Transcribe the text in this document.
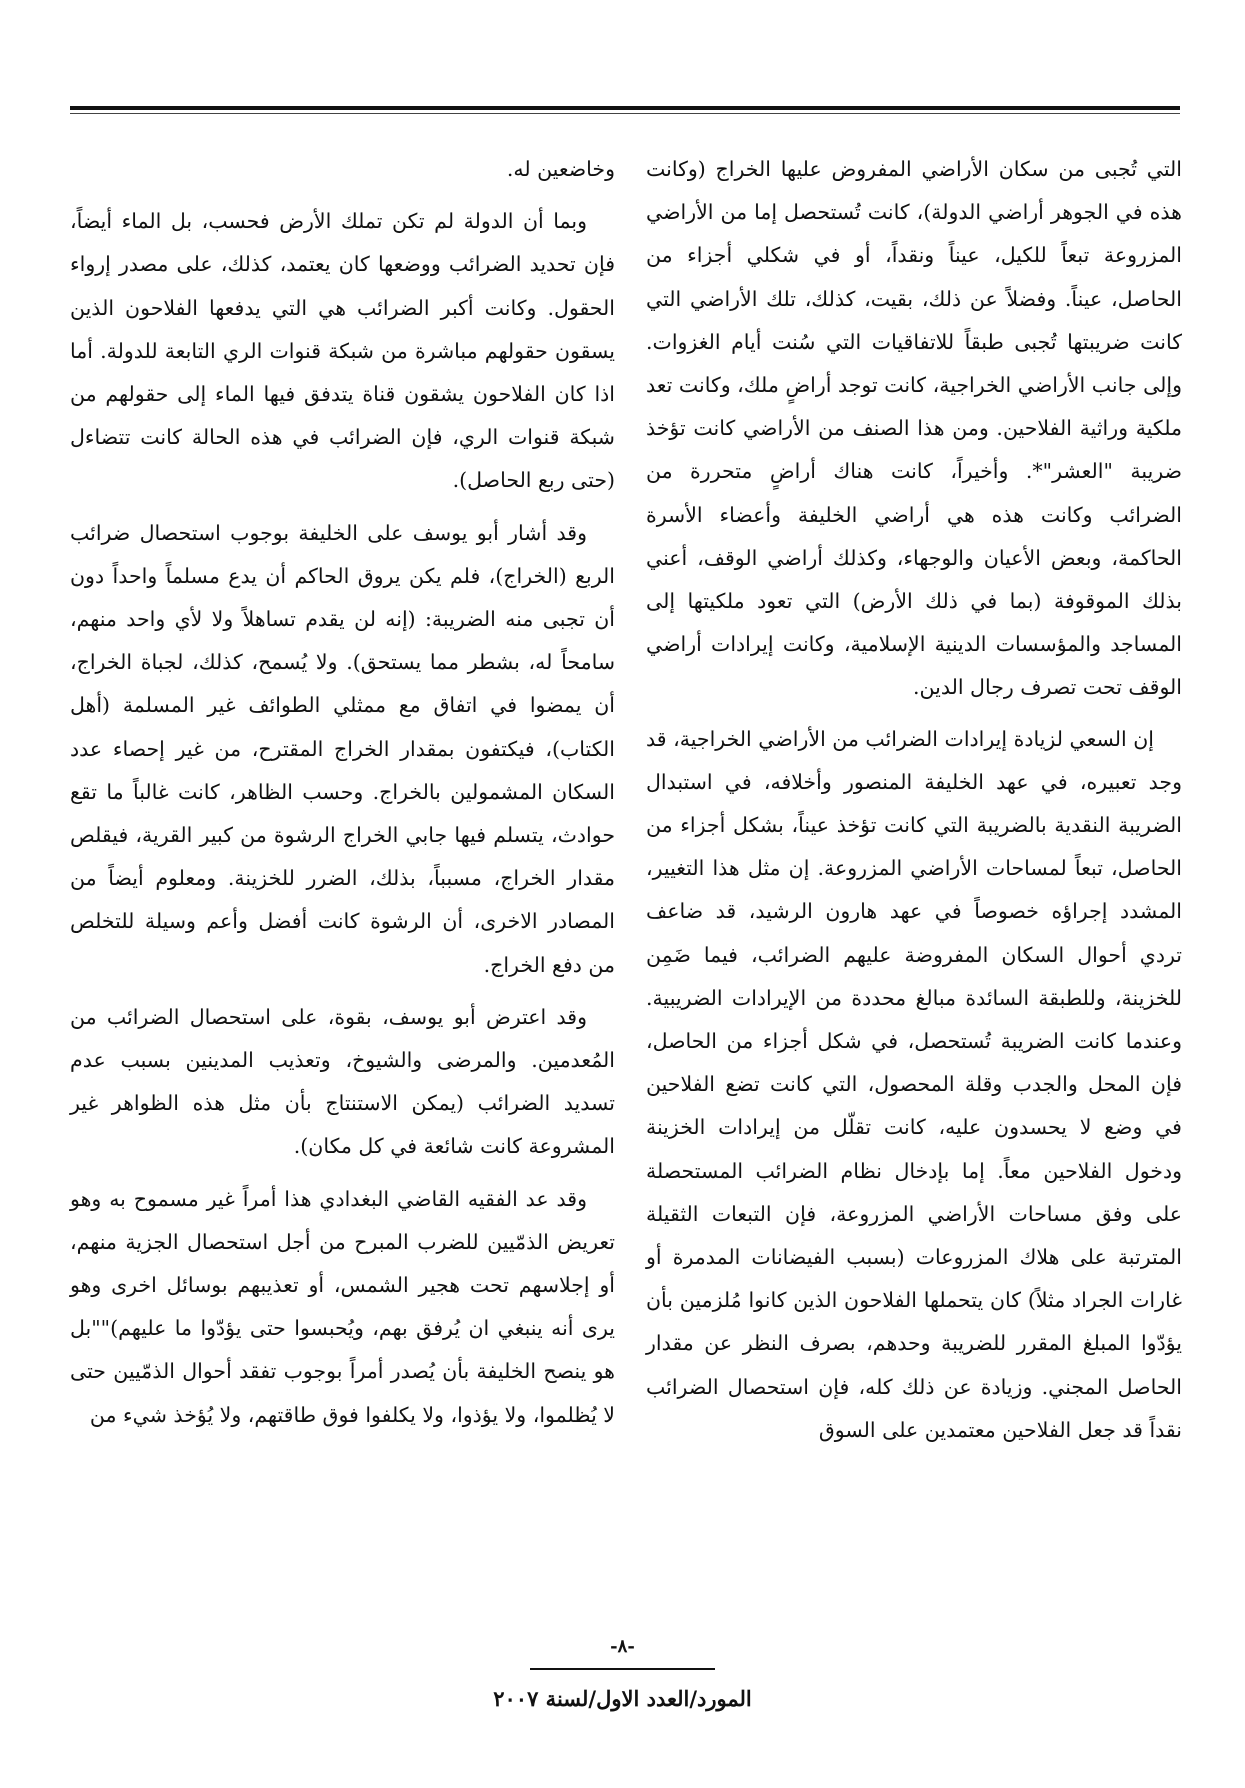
التي تُجبى من سكان الأراضي المفروض عليها الخراج (وكانت هذه في الجوهر أراضي الدولة)، كانت تُستحصل إما من الأراضي المزروعة تبعاً للكيل، عيناً ونقداً، أو في شكلي أجزاء من الحاصل، عيناً. وفضلاً عن ذلك، بقيت، كذلك، تلك الأراضي التي كانت ضريبتها تُجبى طبقاً للاتفاقيات التي سُنت أيام الغزوات. وإلى جانب الأراضي الخراجية، كانت توجد أراضٍ ملك، وكانت تعد ملكية وراثية الفلاحين. ومن هذا الصنف من الأراضي كانت تؤخذ ضريبة "العشر"*. وأخيراً، كانت هناك أراضٍ متحررة من الضرائب وكانت هذه هي أراضي الخليفة وأعضاء الأسرة الحاكمة، وبعض الأعيان والوجهاء، وكذلك أراضي الوقف، أعني بذلك الموقوفة (بما في ذلك الأرض) التي تعود ملكيتها إلى المساجد والمؤسسات الدينية الإسلامية، وكانت إيرادات أراضي الوقف تحت تصرف رجال الدين.

إن السعي لزيادة إيرادات الضرائب من الأراضي الخراجية، قد وجد تعبيره، في عهد الخليفة المنصور وأخلافه، في استبدال الضريبة النقدية بالضريبة التي كانت تؤخذ عيناً، بشكل أجزاء من الحاصل، تبعاً لمساحات الأراضي المزروعة. إن مثل هذا التغيير، المشدد إجراؤه خصوصاً في عهد هارون الرشيد، قد ضاعف تردي أحوال السكان المفروضة عليهم الضرائب، فيما ضَمِن للخزينة، وللطبقة السائدة مبالغ محددة من الإيرادات الضريبية. وعندما كانت الضريبة تُستحصل، في شكل أجزاء من الحاصل، فإن المحل والجدب وقلة المحصول، التي كانت تضع الفلاحين في وضع لا يحسدون عليه، كانت تقلّل من إيرادات الخزينة ودخول الفلاحين معاً. إما بإدخال نظام الضرائب المستحصلة على وفق مساحات الأراضي المزروعة، فإن التبعات الثقيلة المترتبة على هلاك المزروعات (بسبب الفيضانات المدمرة أو غارات الجراد مثلاً) كان يتحملها الفلاحون الذين كانوا مُلزمين بأن يؤدّوا المبلغ المقرر للضريبة وحدهم، بصرف النظر عن مقدار الحاصل المجني. وزيادة عن ذلك كله، فإن استحصال الضرائب نقداً قد جعل الفلاحين معتمدين على السوق

وخاضعين له.

وبما أن الدولة لم تكن تملك الأرض فحسب، بل الماء أيضاً، فإن تحديد الضرائب ووضعها كان يعتمد، كذلك، على مصدر إرواء الحقول. وكانت أكبر الضرائب هي التي يدفعها الفلاحون الذين يسقون حقولهم مباشرة من شبكة قنوات الري التابعة للدولة. أما اذا كان الفلاحون يشقون قناة يتدفق فيها الماء إلى حقولهم من شبكة قنوات الري، فإن الضرائب في هذه الحالة كانت تتضاءل (حتى ربع الحاصل).

وقد أشار أبو يوسف على الخليفة بوجوب استحصال ضرائب الربع (الخراج)، فلم يكن يروق الحاكم أن يدع مسلماً واحداً دون أن تجبى منه الضريبة: (إنه لن يقدم تساهلاً ولا لأي واحد منهم، سامحاً له، بشطر مما يستحق). ولا يُسمح، كذلك، لجباة الخراج، أن يمضوا في اتفاق مع ممثلي الطوائف غير المسلمة (أهل الكتاب)، فيكتفون بمقدار الخراج المقترح، من غير إحصاء عدد السكان المشمولين بالخراج. وحسب الظاهر، كانت غالباً ما تقع حوادث، يتسلم فيها جابي الخراج الرشوة من كبير القرية، فيقلص مقدار الخراج، مسبباً، بذلك، الضرر للخزينة. ومعلوم أيضاً من المصادر الاخرى، أن الرشوة كانت أفضل وأعم وسيلة للتخلص من دفع الخراج.

وقد اعترض أبو يوسف، بقوة، على استحصال الضرائب من المُعدمين. والمرضى والشيوخ، وتعذيب المدينين بسبب عدم تسديد الضرائب (يمكن الاستنتاج بأن مثل هذه الظواهر غير المشروعة كانت شائعة في كل مكان).

وقد عد الفقيه القاضي البغدادي هذا أمراً غير مسموح به وهو تعريض الذمّيين للضرب المبرح من أجل استحصال الجزية منهم، أو إجلاسهم تحت هجير الشمس، أو تعذيبهم بوسائل اخرى وهو يرى أنه ينبغي ان يُرفق بهم، ويُحبسوا حتى يؤدّوا ما عليهم)""بل هو ينصح الخليفة بأن يُصدر أمراً بوجوب تفقد أحوال الذمّيين حتى لا يُظلموا، ولا يؤذوا، ولا يكلفوا فوق طاقتهم، ولا يُؤخذ شيء من

-٨-
المورد/العدد الاول/لسنة ٢٠٠٧
